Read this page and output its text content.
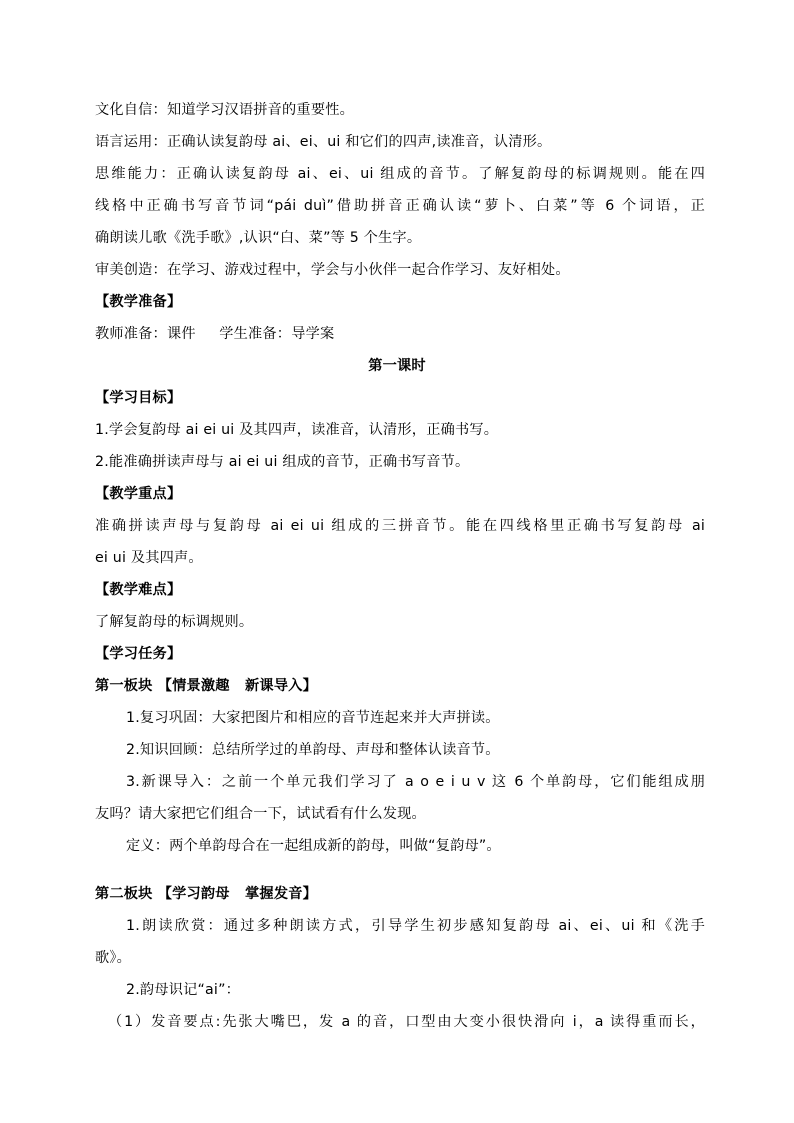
文化自信：知道学习汉语拼音的重要性。
语言运用：正确认读复韵母 ai、ei、ui 和它们的四声,读准音，认清形。
思维能力：正确认读复韵母 ai、ei、ui 组成的音节。了解复韵母的标调规则。能在四
线格中正确书写音节词“pái duì”借助拼音正确认读“萝卜、白菜”等 6 个词语，正
确朗读儿歌《洗手歌》,认识“白、菜”等 5 个生字。
审美创造：在学习、游戏过程中，学会与小伙伴一起合作学习、友好相处。
【教学准备】
教师准备：课件     学生准备：导学案
第一课时
【学习目标】
1.学会复韵母 ai ei ui 及其四声，读准音，认清形，正确书写。
2.能准确拼读声母与 ai ei ui 组成的音节，正确书写音节。
【教学重点】
准确拼读声母与复韵母 ai ei ui 组成的三拼音节。能在四线格里正确书写复韵母 ai
ei ui 及其四声。
【教学难点】
了解复韵母的标调规则。
【学习任务】
第一板块 【情景激趣   新课导入】
1.复习巩固：大家把图片和相应的音节连起来并大声拼读。
2.知识回顾：总结所学过的单韵母、声母和整体认读音节。
3.新课导入：之前一个单元我们学习了 a o e i u v 这 6 个单韵母，它们能组成朋
友吗？请大家把它们组合一下，试试看有什么发现。
定义：两个单韵母合在一起组成新的韵母，叫做“复韵母”。
第二板块 【学习韵母   掌握发音】
1.朗读欣赏：通过多种朗读方式，引导学生初步感知复韵母 ai、ei、ui 和《洗手
歌》。
2.韵母识记“ai”：
（1）发音要点:先张大嘴巴，发 a 的音，口型由大变小很快滑向 i，a 读得重而长，
